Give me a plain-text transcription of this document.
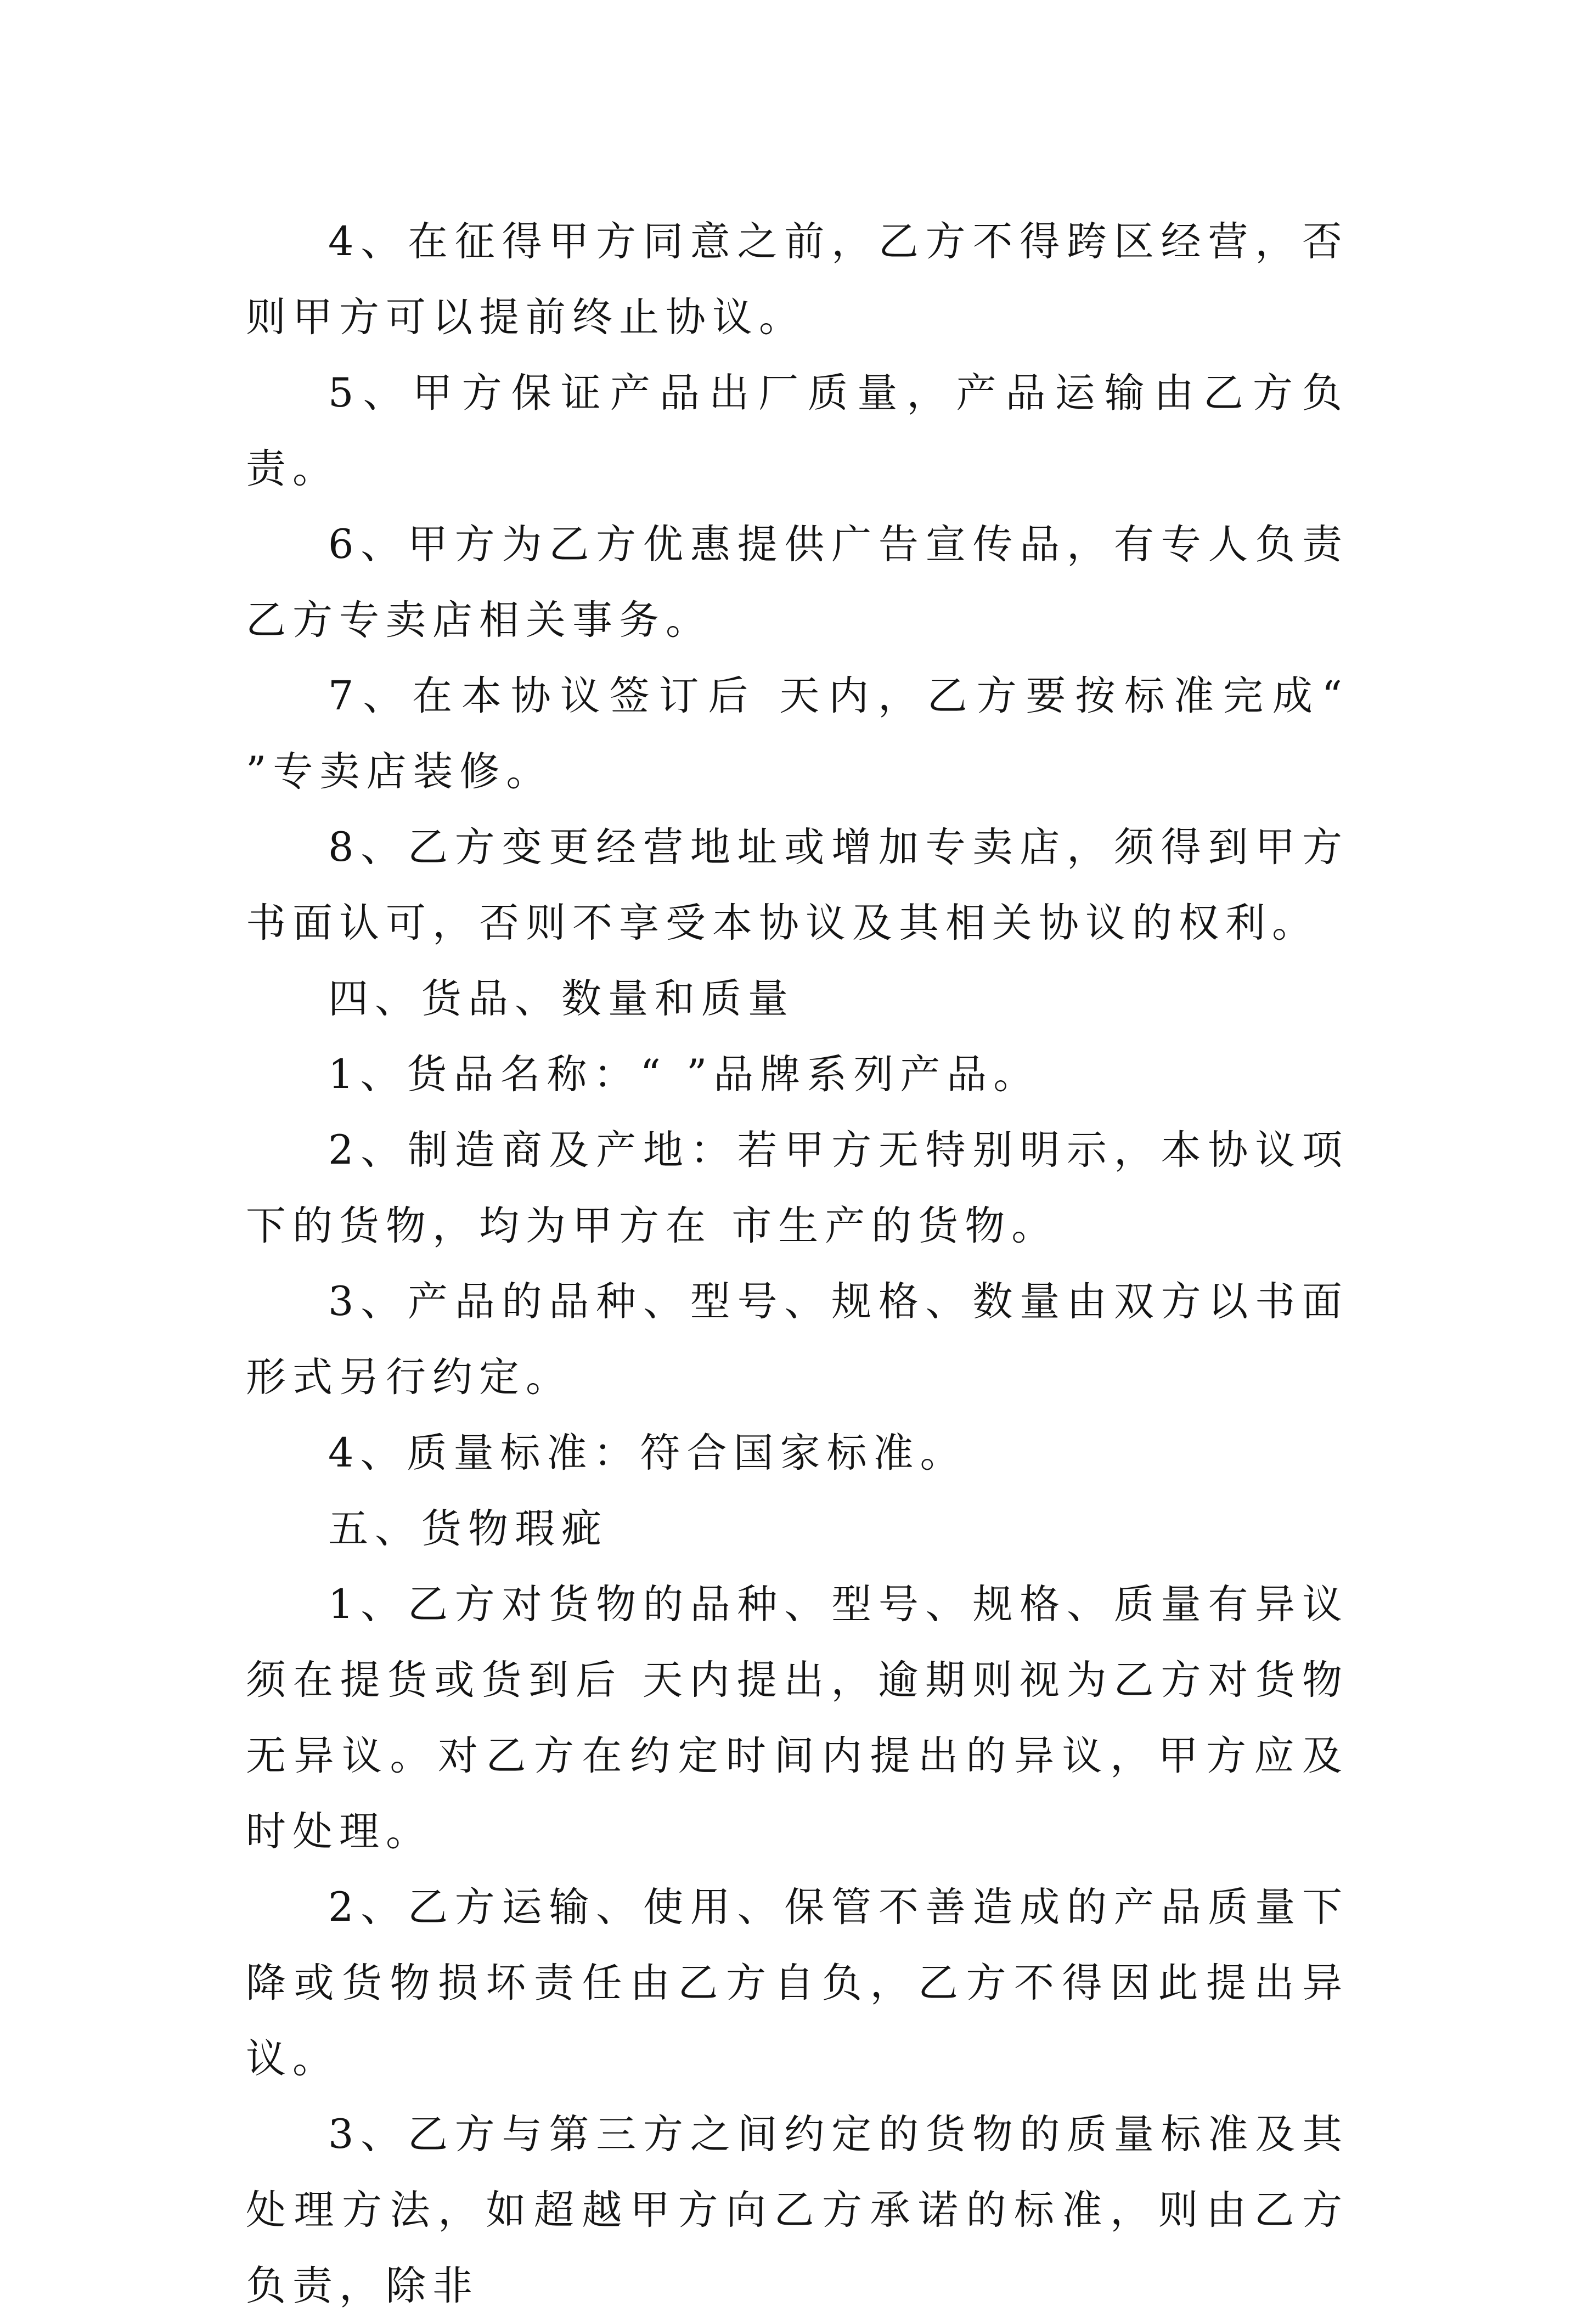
4、在征得甲方同意之前，乙方不得跨区经营，否则甲方可以提前终止协议。

5、甲方保证产品出厂质量，产品运输由乙方负责。

6、甲方为乙方优惠提供广告宣传品，有专人负责乙方专卖店相关事务。

7、在本协议签订后 天内，乙方要按标准完成“ ”专卖店装修。

8、乙方变更经营地址或增加专卖店，须得到甲方书面认可，否则不享受本协议及其相关协议的权利。

四、货品、数量和质量

1、货品名称：“ ”品牌系列产品。

2、制造商及产地：若甲方无特别明示，本协议项下的货物，均为甲方在 市生产的货物。

3、产品的品种、型号、规格、数量由双方以书面形式另行约定。

4、质量标准：符合国家标准。

五、货物瑕疵

1、乙方对货物的品种、型号、规格、质量有异议须在提货或货到后 天内提出，逾期则视为乙方对货物无异议。对乙方在约定时间内提出的异议，甲方应及时处理。

2、乙方运输、使用、保管不善造成的产品质量下降或货物损坏责任由乙方自负，乙方不得因此提出异议。

3、乙方与第三方之间约定的货物的质量标准及其处理方法，如超越甲方向乙方承诺的标准，则由乙方负责，除非
